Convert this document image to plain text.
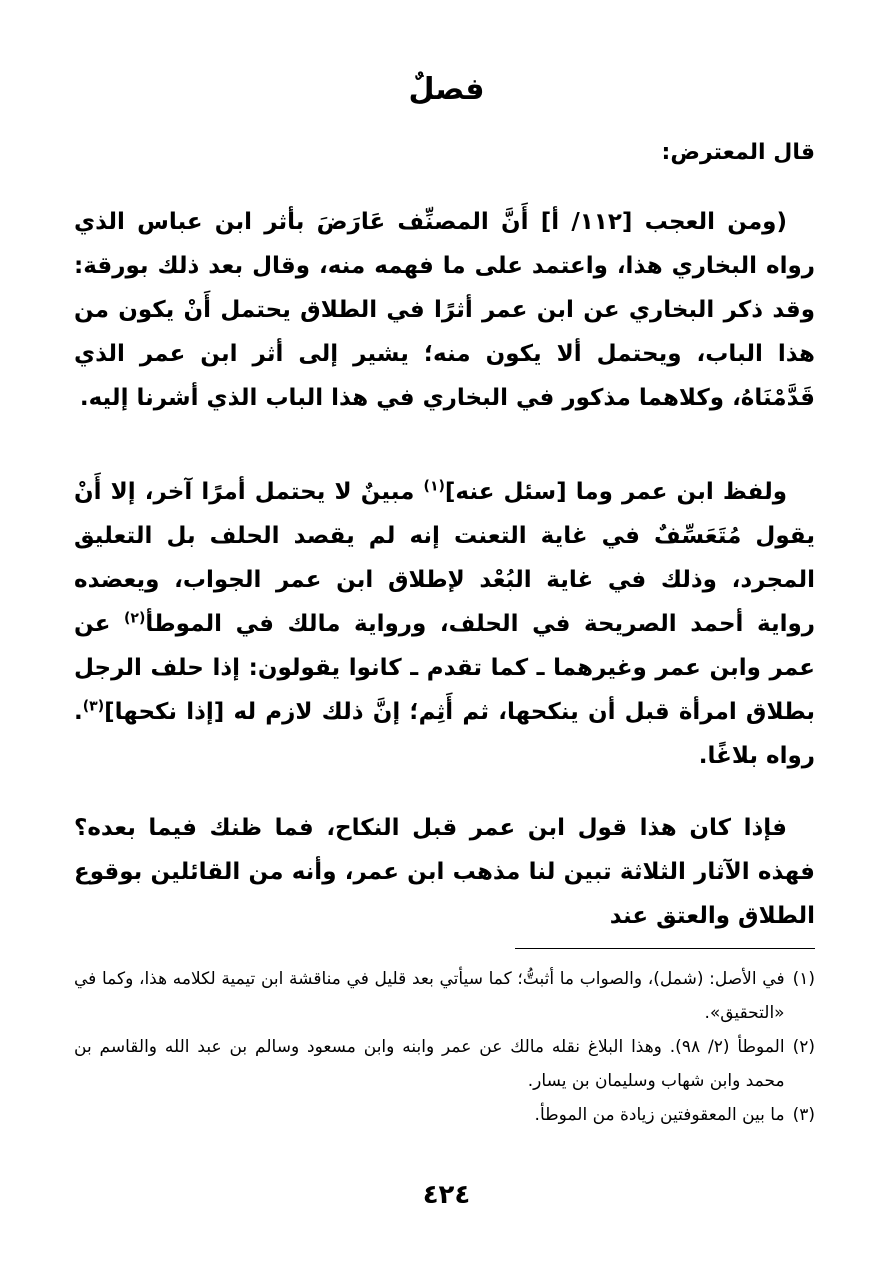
فصلٌ
قال المعترض:

(ومن العجب [١١٢/ أ] أَنَّ المصنِّف عَارَضَ بأثر ابن عباس الذي رواه البخاري هذا، واعتمد على ما فهمه منه، وقال بعد ذلك بورقة: وقد ذكر البخاري عن ابن عمر أثرًا في الطلاق يحتمل أَنْ يكون من هذا الباب، ويحتمل ألا يكون منه؛ يشير إلى أثر ابن عمر الذي قَدَّمْنَاهُ، وكلاهما مذكور في البخاري في هذا الباب الذي أشرنا إليه.

ولفظ ابن عمر وما [سئل عنه]$^{(١)}$ مبينٌ لا يحتمل أمرًا آخر، إلا أَنْ يقول مُتَعَسِّفٌ في غاية التعنت إنه لم يقصد الحلف بل التعليق المجرد، وذلك في غاية البُعْد لإطلاق ابن عمر الجواب، ويعضده رواية أحمد الصريحة في الحلف، ورواية مالك في الموطأ$^{(٢)}$ عن عمر وابن عمر وغيرهما ـ كما تقدم ـ كانوا يقولون: إذا حلف الرجل بطلاق امرأة قبل أن ينكحها، ثم أَثِم؛ إنَّ ذلك لازم له [إذا نكحها]$^{(٣)}$. رواه بلاغًا.

فإذا كان هذا قول ابن عمر قبل النكاح، فما ظنك فيما بعده؟ فهذه الآثار الثلاثة تبين لنا مذهب ابن عمر، وأنه من القائلين بوقوع الطلاق والعتق عند

(١)
في الأصل: (شمل)، والصواب ما أثبتُّ؛ كما سيأتي بعد قليل في مناقشة ابن تيمية لكلامه هذا، وكما في «التحقيق».
(٢)
الموطأ (٢/ ٩٨). وهذا البلاغ نقله مالك عن عمر وابنه وابن مسعود وسالم بن عبد الله والقاسم بن محمد وابن شهاب وسليمان بن يسار.
(٣)
ما بين المعقوفتين زيادة من الموطأ.
٤٢٤
